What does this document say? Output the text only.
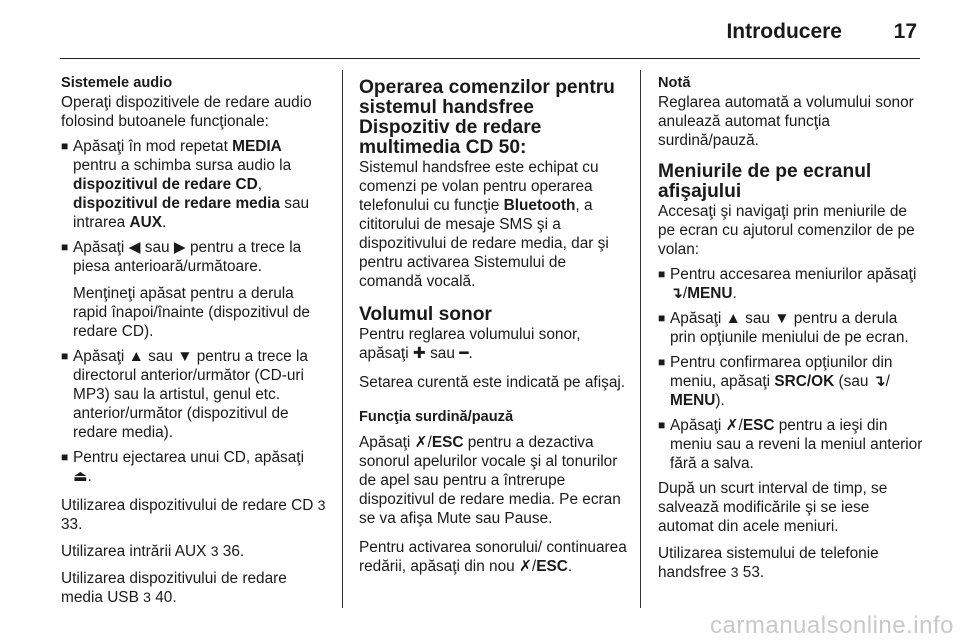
Introducere 17

Sistemele audio

Operaţi dispozitivele de redare audio folosind butoanele funcţionale:

■ Apăsaţi în mod repetat MEDIA pentru a schimba sursa audio la dispozitivul de redare CD, dispozitivul de redare media sau intrarea AUX.
■ Apăsaţi ◀ sau ▶ pentru a trece la piesa anterioară/următoare.

Menţineţi apăsat pentru a derula rapid înapoi/înainte (dispozitivul de redare CD).

■ Apăsaţi ▲ sau ▼ pentru a trece la directorul anterior/următor (CD-uri MP3) sau la artistul, genul etc. anterior/următor (dispozitivul de redare media).
■ Pentru ejectarea unui CD, apăsaţi ⏏.

Utilizarea dispozitivului de redare CD 3 33.

Utilizarea intrării AUX 3 36.

Utilizarea dispozitivului de redare media USB 3 40.

Operarea comenzilor pentru sistemul handsfree

Dispozitiv de redare multimedia CD 50:

Sistemul handsfree este echipat cu comenzi pe volan pentru operarea telefonului cu funcţie Bluetooth, a cititorului de mesaje SMS şi a dispozitivului de redare media, dar şi pentru activarea Sistemului de comandă vocală.

Volumul sonor

Pentru reglarea volumului sonor, apăsaţi ✚ sau ━.

Setarea curentă este indicată pe afişaj.

Funcţia surdină/pauză

Apăsaţi ✗/ESC pentru a dezactiva sonorul apelurilor vocale şi al tonurilor de apel sau pentru a întrerupe dispozitivul de redare media. Pe ecran se va afişa Mute sau Pause.

Pentru activarea sonorului/ continuarea redării, apăsaţi din nou ✗/ESC.

Notă

Reglarea automată a volumului sonor anulează automat funcţia surdină/pauză.

Meniurile de pe ecranul afişajului

Accesaţi şi navigaţi prin meniurile de pe ecran cu ajutorul comenzilor de pe volan:

■ Pentru accesarea meniurilor apăsaţi ↴/MENU.
■ Apăsaţi ▲ sau ▼ pentru a derula prin opţiunile meniului de pe ecran.
■ Pentru confirmarea opţiunilor din meniu, apăsaţi SRC/OK (sau ↴/ MENU).
■ Apăsaţi ✗/ESC pentru a ieşi din meniu sau a reveni la meniul anterior fără a salva.

După un scurt interval de timp, se salvează modificările şi se iese automat din acele meniuri.

Utilizarea sistemului de telefonie handsfree 3 53.

carmanualsonline.info
